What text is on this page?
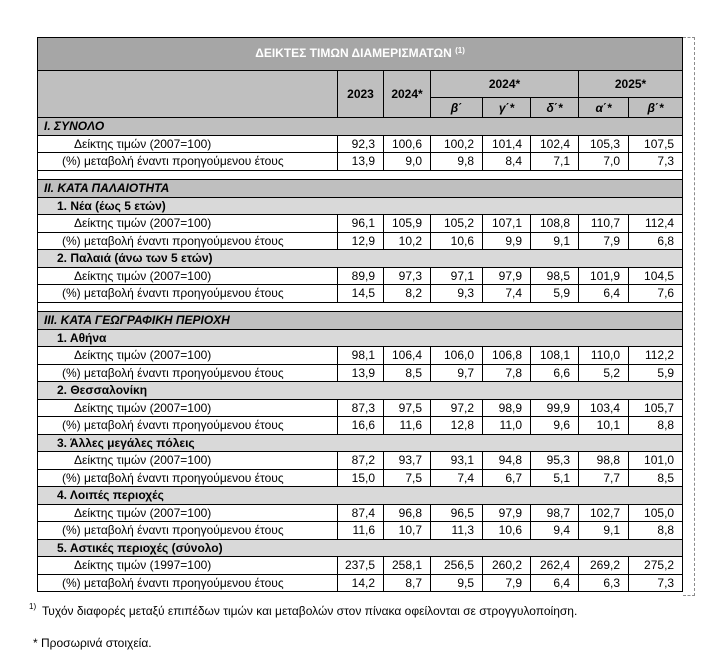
ΔΕΙΚΤΕΣ ΤΙΜΩΝ ΔΙΑΜΕΡΙΣΜΑΤΩΝ $^{(1)}$
	2023	2024*	2024*			2025*	
			β΄	γ΄*	δ΄*	α΄*	β΄*
I. ΣΥΝΟΛΟ							
Δείκτης τιμών (2007=100)	92,3	100,6	100,2	101,4	102,4	105,3	107,5
(%) μεταβολή έναντι προηγούμενου έτους	13,9	9,0	9,8	8,4	7,1	7,0	7,3

II. ΚΑΤΑ ΠΑΛΑΙΟΤΗΤΑ							
1. Νέα (έως 5 ετών)							
Δείκτης τιμών (2007=100)	96,1	105,9	105,2	107,1	108,8	110,7	112,4
(%) μεταβολή έναντι προηγούμενου έτους	12,9	10,2	10,6	9,9	9,1	7,9	6,8
2. Παλαιά (άνω των 5 ετών)							
Δείκτης τιμών (2007=100)	89,9	97,3	97,1	97,9	98,5	101,9	104,5
(%) μεταβολή έναντι προηγούμενου έτους	14,5	8,2	9,3	7,4	5,9	6,4	7,6

III. ΚΑΤΑ ΓΕΩΓΡΑΦΙΚΗ ΠΕΡΙΟΧΗ							
1. Αθήνα							
Δείκτης τιμών (2007=100)	98,1	106,4	106,0	106,8	108,1	110,0	112,2
(%) μεταβολή έναντι προηγούμενου έτους	13,9	8,5	9,7	7,8	6,6	5,2	5,9
2. Θεσσαλονίκη							
Δείκτης τιμών (2007=100)	87,3	97,5	97,2	98,9	99,9	103,4	105,7
(%) μεταβολή έναντι προηγούμενου έτους	16,6	11,6	12,8	11,0	9,6	10,1	8,8
3. Άλλες μεγάλες πόλεις							
Δείκτης τιμών (2007=100)	87,2	93,7	93,1	94,8	95,3	98,8	101,0
(%) μεταβολή έναντι προηγούμενου έτους	15,0	7,5	7,4	6,7	5,1	7,7	8,5
4. Λοιπές περιοχές							
Δείκτης τιμών (2007=100)	87,4	96,8	96,5	97,9	98,7	102,7	105,0
(%) μεταβολή έναντι προηγούμενου έτους	11,6	10,7	11,3	10,6	9,4	9,1	8,8
5. Αστικές περιοχές (σύνολο)							
Δείκτης τιμών (1997=100)	237,5	258,1	256,5	260,2	262,4	269,2	275,2
(%) μεταβολή έναντι προηγούμενου έτους	14,2	8,7	9,5	7,9	6,4	6,3	7,3
1) Τυχόν διαφορές μεταξύ επιπέδων τιμών και μεταβολών στον πίνακα οφείλονται σε στρογγυλοποίηση.
* Προσωρινά στοιχεία.
